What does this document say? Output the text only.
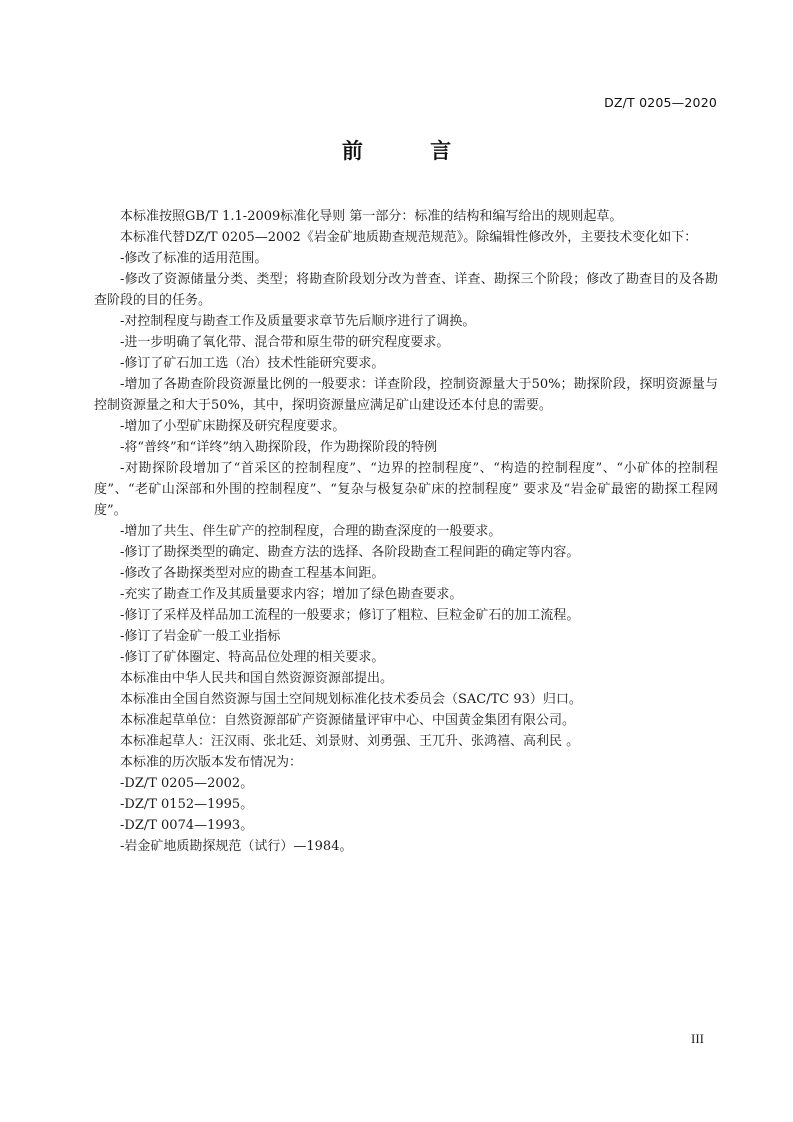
DZ/T 0205—2020
前 言

本标准按照GB/T 1.1-2009标准化导则 第一部分：标准的结构和编写给出的规则起草。

本标准代替DZ/T 0205—2002《岩金矿地质勘查规范规范》。除编辑性修改外，主要技术变化如下：

-修改了标准的适用范围。

-修改了资源储量分类、类型；将勘查阶段划分改为普查、详查、勘探三个阶段；修改了勘查目的及各勘查阶段的目的任务。

-对控制程度与勘查工作及质量要求章节先后顺序进行了调换。

-进一步明确了氧化带、混合带和原生带的研究程度要求。

-修订了矿石加工选（冶）技术性能研究要求。

-增加了各勘查阶段资源量比例的一般要求：详查阶段，控制资源量大于50%；勘探阶段，探明资源量与控制资源量之和大于50%，其中，探明资源量应满足矿山建设还本付息的需要。

-增加了小型矿床勘探及研究程度要求。

-将“普终”和“详终”纳入勘探阶段，作为勘探阶段的特例

-对勘探阶段增加了“首采区的控制程度”、“边界的控制程度”、“构造的控制程度”、“小矿体的控制程度”、“老矿山深部和外围的控制程度”、“复杂与极复杂矿床的控制程度” 要求及“岩金矿最密的勘探工程网度”。

-增加了共生、伴生矿产的控制程度，合理的勘查深度的一般要求。

-修订了勘探类型的确定、勘查方法的选择、各阶段勘查工程间距的确定等内容。

-修改了各勘探类型对应的勘查工程基本间距。

-充实了勘查工作及其质量要求内容；增加了绿色勘查要求。

-修订了采样及样品加工流程的一般要求；修订了粗粒、巨粒金矿石的加工流程。

-修订了岩金矿一般工业指标

-修订了矿体圈定、特高品位处理的相关要求。

本标准由中华人民共和国自然资源资源部提出。

本标准由全国自然资源与国土空间规划标准化技术委员会（SAC/TC 93）归口。

本标准起草单位：自然资源部矿产资源储量评审中心、中国黄金集团有限公司。

本标准起草人：汪汉雨、张北廷、刘景财、刘勇强、王兀升、张鸿禧、高利民 。

本标准的历次版本发布情况为：

-DZ/T 0205—2002。

-DZ/T 0152—1995。

-DZ/T 0074—1993。

-岩金矿地质勘探规范（试行）—1984。

III
